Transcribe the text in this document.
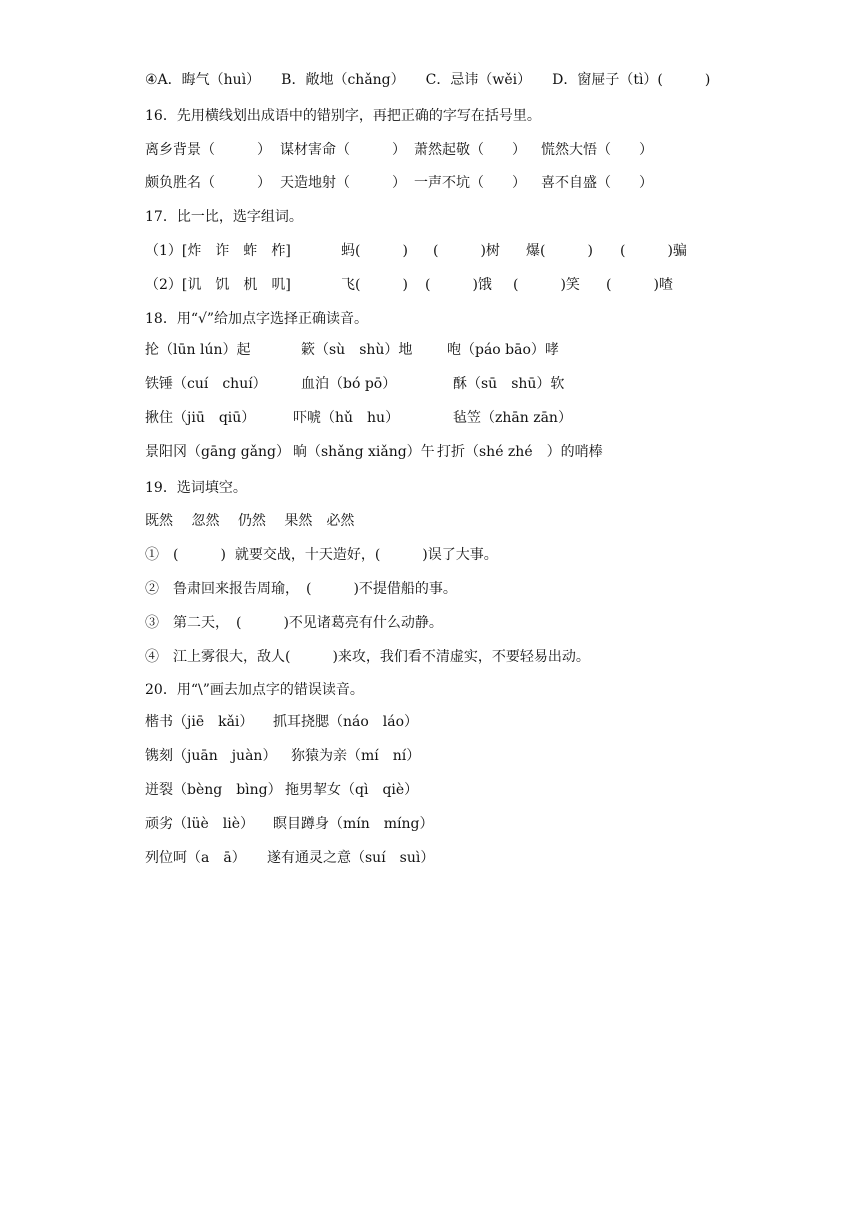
④A．晦气（huì）　　B．敞地（chǎng）　　C．忌讳（wěi）　　D．窗屉子（tì）(　　　)
16．先用横线划出成语中的错别字，再把正确的字写在括号里。
离乡背景（　　　） 谋材害命（　　　） 萧然起敬（　　） 慌然大悟（　　）
颇负胜名（　　　） 天造地射（　　　） 一声不坑（　　） 喜不自盛（　　）
17．比一比，选字组词。
（1）[炸　诈　蚱　柞]	蚂(　　　) (　　　)树 爆(　　　) (　　　)骗
（2）[讥　饥　机　叽]	飞(　　　) (　　　)饿 (　　　)笑 (　　　)喳
18．用“√”给加点字选择正确读音。
抡（lūn lún）起	簌（sù　shù）地 咆（páo bāo）哮
铁锤（cuí　chuí） 血泊（bó pō）	酥（sū　shū）软
揪住（jiū　qiū）	吓唬（hǔ　hu）	毡笠（zhān zān）
景阳冈（gāng gǎng） 晌（shǎng xiǎng）午 打折（shé zhé　）的哨棒
19．选词填空。
既然　 忽然　 仍然　 果然　必然
①　(　　　)  就要交战，十天造好，(　　　)误了大事。
②　鲁肃回来报告周瑜，　(　　　)不提借船的事。
③　第二天，　(　　　)不见诸葛亮有什么动静。
④　江上雾很大，敌人(　　　)来攻，我们看不清虚实，不要轻易出动。
20．用“\”画去加点字的错误读音。
楷书（jiē　kǎi） 抓耳挠腮（náo　láo）
镌刻（juān　juàn） 狝猿为亲（mí　ní）
迸裂（bèng　bìng） 拖男挈女（qì　qiè）
顽劣（lüè　liè） 瞑目蹲身（mín　míng）
列位呵（a　ā） 遂有通灵之意（suí　suì）
